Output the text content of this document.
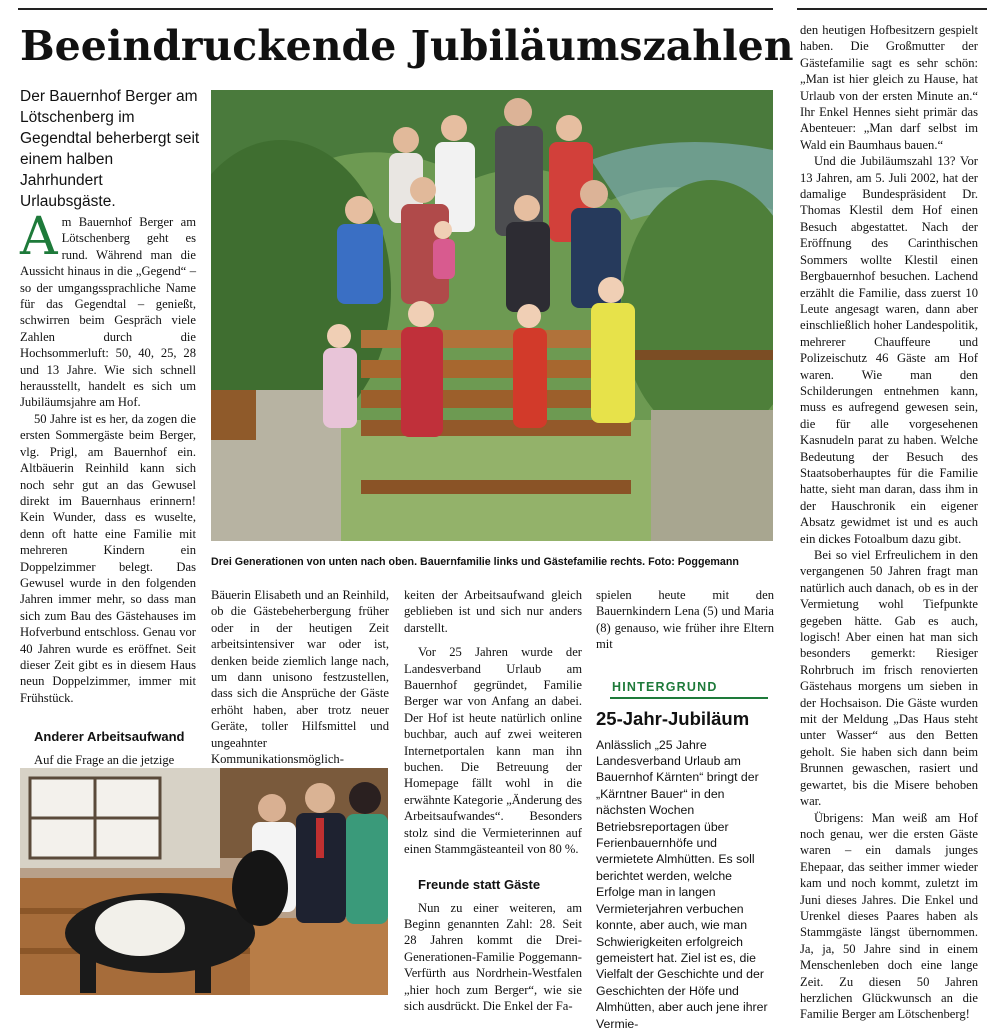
Beeindruckende Jubiläumszahlen
Der Bauernhof Berger am Lötschenberg im Gegendtal beherbergt seit einem halben Jahrhundert Urlaubsgäste.

Am Bauernhof Berger am Lötschenberg geht es rund. Während man die Aussicht hinaus in die „Gegend“ – so der umgangssprachliche Name für das Gegendtal – genießt, schwirren beim Gespräch viele Zahlen durch die Hochsommerluft: 50, 40, 25, 28 und 13 Jahre. Wie sich schnell herausstellt, handelt es sich um Jubiläumsjahre am Hof.

50 Jahre ist es her, da zogen die ersten Sommergäste beim Berger, vlg. Prigl, am Bauernhof ein. Altbäuerin Reinhild kann sich noch sehr gut an das Gewusel direkt im Bauernhaus erinnern! Kein Wunder, dass es wuselte, denn oft hatte eine Familie mit mehreren Kindern ein Doppelzimmer belegt. Das Gewusel wurde in den folgenden Jahren immer mehr, so dass man sich zum Bau des Gästehauses im Hofverbund entschloss. Genau vor 40 Jahren wurde es eröffnet. Seit dieser Zeit gibt es in diesem Haus neun Doppelzimmer, immer mit Frühstück.

Anderer Arbeitsaufwand

Auf die Frage an die jetzige

Drei Generationen von unten nach oben. Bauernfamilie links und Gästefamilie rechts. Foto: Poggemann

Bäuerin Elisabeth und an Reinhild, ob die Gästebeherbergung früher oder in der heutigen Zeit arbeitsintensiver war oder ist, denken beide ziemlich lange nach, um dann unisono festzustellen, dass sich die Ansprüche der Gäste erhöht haben, aber trotz neuer Geräte, toller Hilfsmittel und ungeahnter Kommunikationsmöglich-

keiten der Arbeitsaufwand gleich geblieben ist und sich nur anders darstellt.

Vor 25 Jahren wurde der Landesverband Urlaub am Bauernhof gegründet, Familie Berger war von Anfang an dabei. Der Hof ist heute natürlich online buchbar, auch auf zwei weiteren Internetportalen kann man ihn buchen. Die Betreuung der Homepage fällt wohl in die erwähnte Kategorie „Änderung des Arbeitsaufwandes“. Besonders stolz sind die Vermieterinnen auf einen Stammgästeanteil von 80 %.

Freunde statt Gäste

Nun zu einer weiteren, am Beginn genannten Zahl: 28. Seit 28 Jahren kommt die Drei-Generationen-Familie Poggemann-Verfürth aus Nordrhein-Westfalen „hier hoch zum Berger“, wie sie sich ausdrückt. Die Enkel der Fa-

spielen heute mit den Bauernkindern Lena (5) und Maria (8) genauso, wie früher ihre Eltern mit

HINTERGRUND
25-Jahr-Jubiläum

Anlässlich „25 Jahre Landesverband Urlaub am Bauernhof Kärnten“ bringt der „Kärntner Bauer“ in den nächsten Wochen Betriebsreportagen über Ferienbauernhöfe und vermietete Almhütten. Es soll berichtet werden, welche Erfolge man in langen Vermieterjahren verbuchen konnte, aber auch, wie man Schwierigkeiten erfolgreich gemeistert hat. Ziel ist es, die Vielfalt der Geschichte und der Geschichten der Höfe und Almhütten, aber auch jene ihrer Vermie-

den heutigen Hofbesitzern gespielt haben. Die Großmutter der Gästefamilie sagt es sehr schön: „Man ist hier gleich zu Hause, hat Urlaub von der ersten Minute an.“ Ihr Enkel Hennes sieht primär das Abenteuer: „Man darf selbst im Wald ein Baumhaus bauen.“

Und die Jubiläumszahl 13? Vor 13 Jahren, am 5. Juli 2002, hat der damalige Bundespräsident Dr. Thomas Klestil dem Hof einen Besuch abgestattet. Nach der Eröffnung des Carinthischen Sommers wollte Klestil einen Bergbauernhof besuchen. Lachend erzählt die Familie, dass zuerst 10 Leute angesagt waren, dann aber einschließlich hoher Landespolitik, mehrerer Chauffeure und Polizeischutz 46 Gäste am Hof waren. Wie man den Schilderungen entnehmen kann, muss es aufregend gewesen sein, die für alle vorgesehenen Kasnudeln parat zu haben. Welche Bedeutung der Besuch des Staatsoberhauptes für die Familie hatte, sieht man daran, dass ihm in der Hauschronik ein eigener Absatz gewidmet ist und es auch ein dickes Fotoalbum dazu gibt.

Bei so viel Erfreulichem in den vergangenen 50 Jahren fragt man natürlich auch danach, ob es in der Vermietung wohl Tiefpunkte gegeben hätte. Gab es auch, logisch! Aber einen hat man sich besonders gemerkt: Riesiger Rohrbruch im frisch renovierten Gästehaus morgens um sieben in der Hochsaison. Die Gäste wurden mit der Meldung „Das Haus steht unter Wasser“ aus den Betten geholt. Sie haben sich dann beim Brunnen gewaschen, rasiert und gewartet, bis die Misere behoben war.

Übrigens: Man weiß am Hof noch genau, wer die ersten Gäste waren – ein damals junges Ehepaar, das seither immer wieder kam und noch kommt, zuletzt im Juni dieses Jahres. Die Enkel und Urenkel dieses Paares haben als Stammgäste längst übernommen. Ja, ja, 50 Jahre sind in einem Menschenleben doch eine lange Zeit. Zu diesen 50 Jahren herzlichen Glückwunsch an die Familie Berger am Lötschenberg!
